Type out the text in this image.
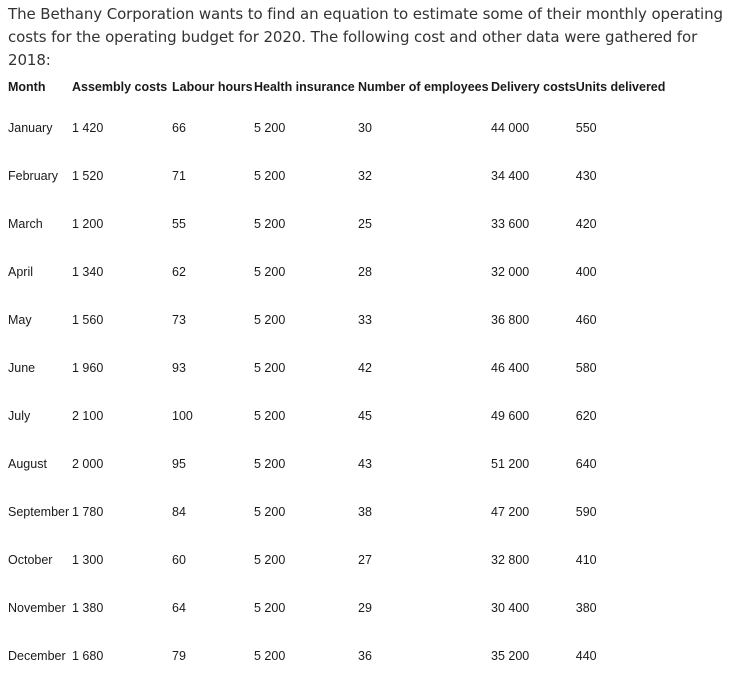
The Bethany Corporation wants to find an equation to estimate some of their monthly operating costs for the operating budget for 2020. The following cost and other data were gathered for 2018:

Month	Assembly costs	Labour hours	Health insurance	Number of employees	Delivery costs	Units delivered
January	1 420	66	5 200	30	44 000	550
February	1 520	71	5 200	32	34 400	430
March	1 200	55	5 200	25	33 600	420
April	1 340	62	5 200	28	32 000	400
May	1 560	73	5 200	33	36 800	460
June	1 960	93	5 200	42	46 400	580
July	2 100	100	5 200	45	49 600	620
August	2 000	95	5 200	43	51 200	640
September	1 780	84	5 200	38	47 200	590
October	1 300	60	5 200	27	32 800	410
November	1 380	64	5 200	29	30 400	380
December	1 680	79	5 200	36	35 200	440
